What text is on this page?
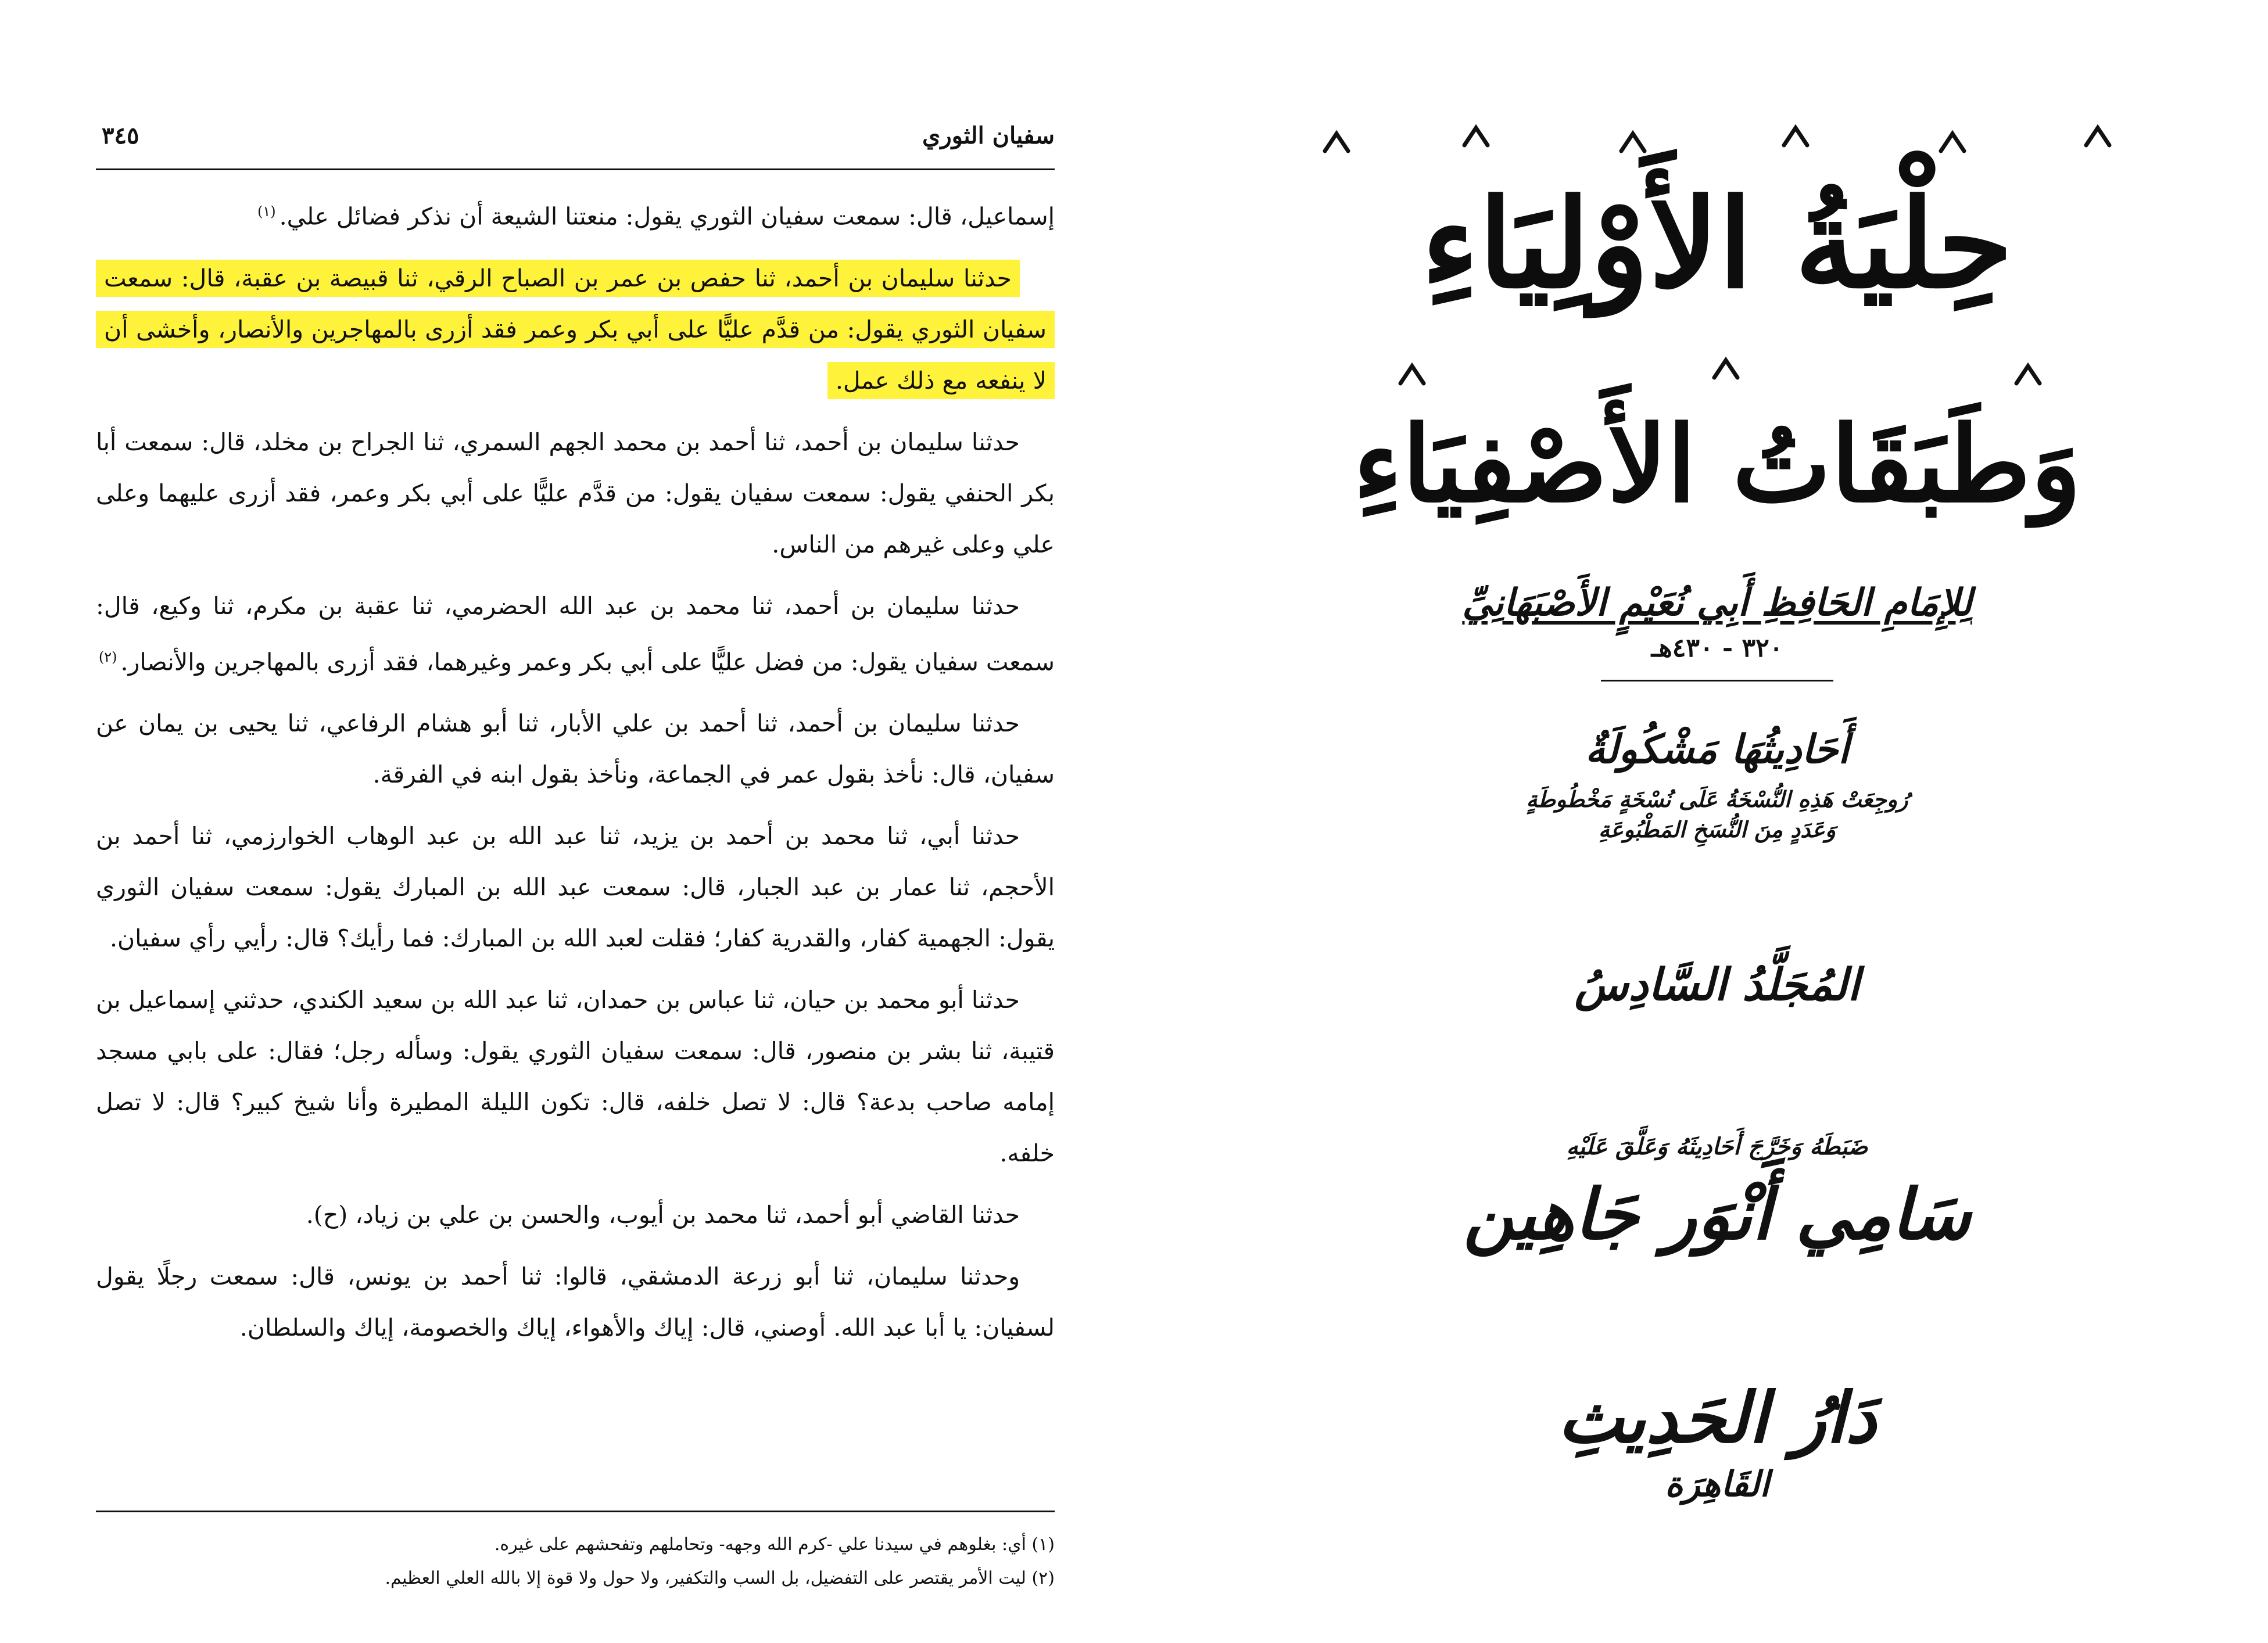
سفيان الثوري
٣٤٥

إسماعيل، قال: سمعت سفيان الثوري يقول: منعتنا الشيعة أن نذكر فضائل علي.$^{(١)}$

حدثنا سليمان بن أحمد، ثنا حفص بن عمر بن الصباح الرقي، ثنا قبيصة بن عقبة، قال: سمعت سفيان الثوري يقول: من قدَّم عليًّا على أبي بكر وعمر فقد أزرى بالمهاجرين والأنصار، وأخشى أن لا ينفعه مع ذلك عمل.

حدثنا سليمان بن أحمد، ثنا أحمد بن محمد الجهم السمري، ثنا الجراح بن مخلد، قال: سمعت أبا بكر الحنفي يقول: سمعت سفيان يقول: من قدَّم عليًّا على أبي بكر وعمر، فقد أزرى عليهما وعلى علي وعلى غيرهم من الناس.

حدثنا سليمان بن أحمد، ثنا محمد بن عبد الله الحضرمي، ثنا عقبة بن مكرم، ثنا وكيع، قال: سمعت سفيان يقول: من فضل عليًّا على أبي بكر وعمر وغيرهما، فقد أزرى بالمهاجرين والأنصار.$^{(٢)}$

حدثنا سليمان بن أحمد، ثنا أحمد بن علي الأبار، ثنا أبو هشام الرفاعي، ثنا يحيى بن يمان عن سفيان، قال: نأخذ بقول عمر في الجماعة، ونأخذ بقول ابنه في الفرقة.

حدثنا أبي، ثنا محمد بن أحمد بن يزيد، ثنا عبد الله بن عبد الوهاب الخوارزمي، ثنا أحمد بن الأحجم، ثنا عمار بن عبد الجبار، قال: سمعت عبد الله بن المبارك يقول: سمعت سفيان الثوري يقول: الجهمية كفار، والقدرية كفار؛ فقلت لعبد الله بن المبارك: فما رأيك؟ قال: رأيي رأي سفيان.

حدثنا أبو محمد بن حيان، ثنا عباس بن حمدان، ثنا عبد الله بن سعيد الكندي، حدثني إسماعيل بن قتيبة، ثنا بشر بن منصور، قال: سمعت سفيان الثوري يقول: وسأله رجل؛ فقال: على بابي مسجد إمامه صاحب بدعة؟ قال: لا تصل خلفه، قال: تكون الليلة المطيرة وأنا شيخ كبير؟ قال: لا تصل خلفه.

حدثنا القاضي أبو أحمد، ثنا محمد بن أيوب، والحسن بن علي بن زياد، (ح).

وحدثنا سليمان، ثنا أبو زرعة الدمشقي، قالوا: ثنا أحمد بن يونس، قال: سمعت رجلًا يقول لسفيان: يا أبا عبد الله. أوصني، قال: إياك والأهواء، إياك والخصومة، إياك والسلطان.

(١) أي: بغلوهم في سيدنا علي -كرم الله وجهه- وتحاملهم وتفحشهم على غيره.

(٢) ليت الأمر يقتصر على التفضيل، بل السب والتكفير، ولا حول ولا قوة إلا بالله العلي العظيم.

حِلْيَةُ الأَوْلِيَاءِ
وَطَبَقَاتُ الأَصْفِيَاءِ
لِلإِمَامِ الحَافِظِ أَبِي نُعَيْمٍ الأَصْبَهَانِيِّ
٣٢٠ - ٤٣٠هـ
أَحَادِيثُهَا مَشْكُولَةٌ
رُوجِعَتْ هَذِهِ النُّسْخَةُ عَلَى نُسْخَةٍ مَخْطُوطَةٍ
وَعَدَدٍ مِنَ النُّسَخِ المَطْبُوعَةِ
المُجَلَّدُ السَّادِسُ
ضَبَطَهُ وَخَرَّجَ أَحَادِيثَهُ وَعَلَّقَ عَلَيْهِ
سَامِي أَنْوَر جَاهِين
دَارُ الحَدِيثِ
القَاهِرَة
